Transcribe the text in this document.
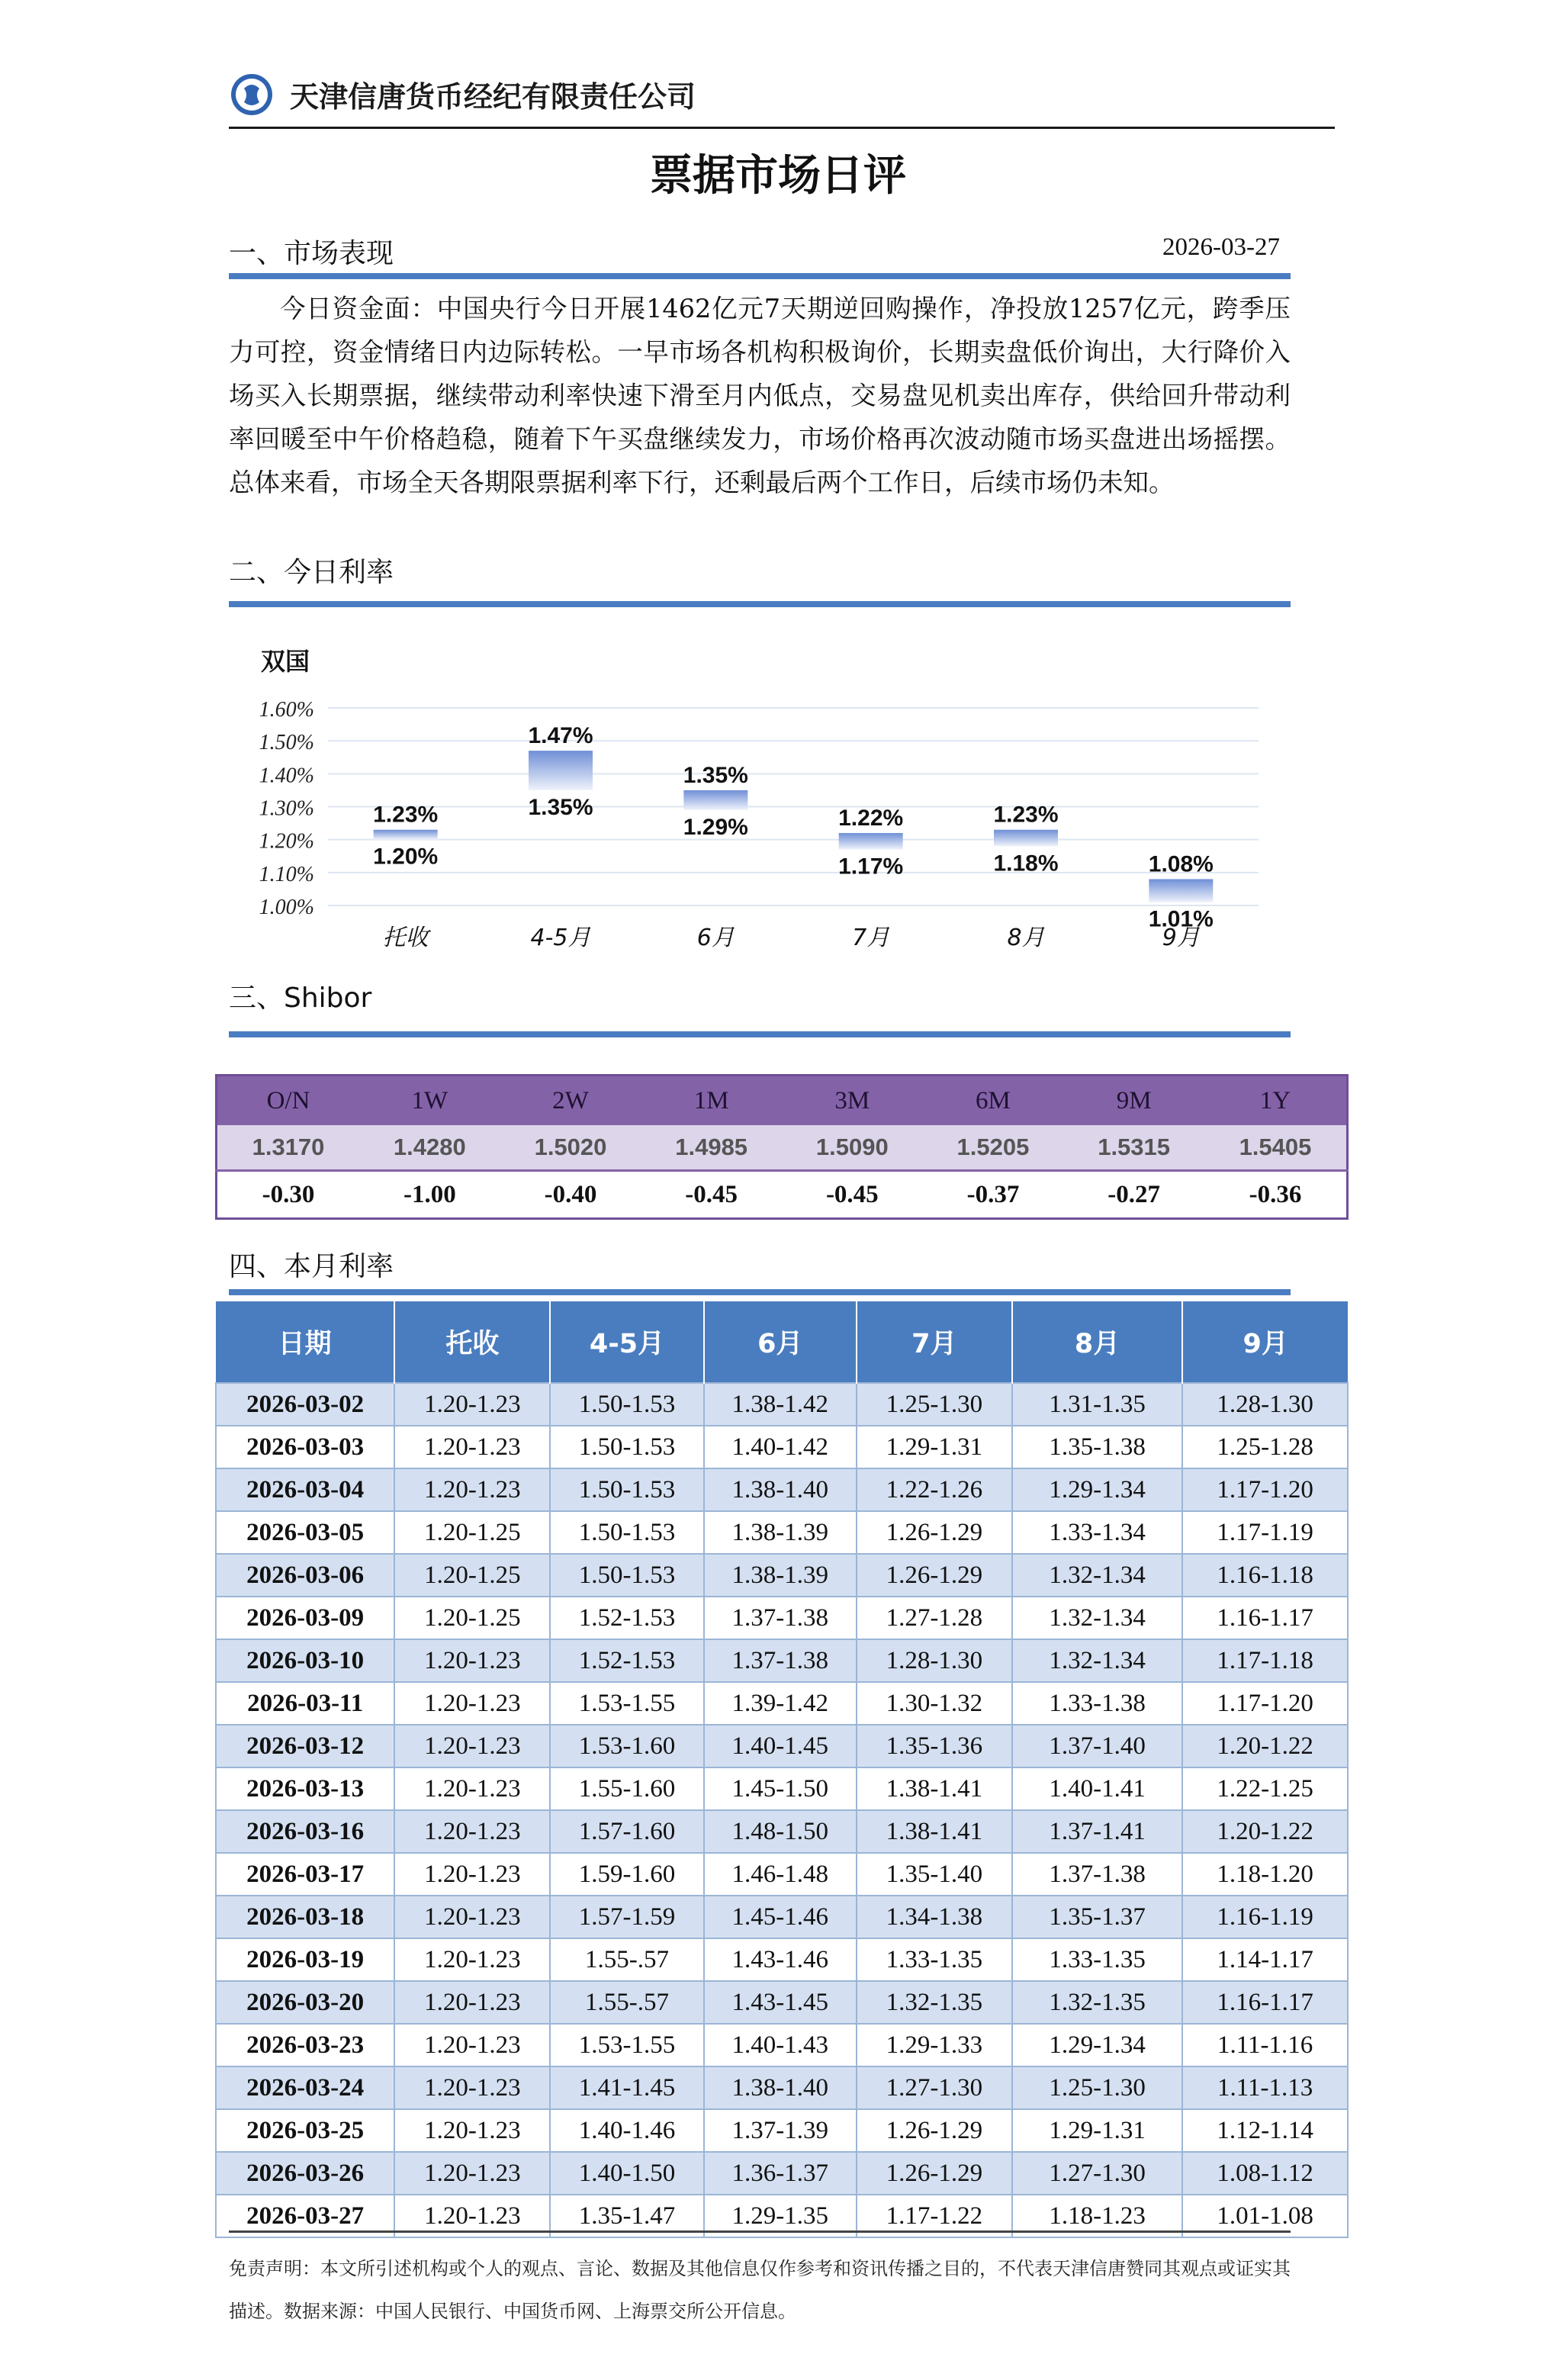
天津信唐货币经纪有限责任公司
票据市场日评
一、市场表现	2026-03-27
今日资金面：中国央行今日开展1462亿元7天期逆回购操作，净投放1257亿元，跨季压力可控，资金情绪日内边际转松。一早市场各机构积极询价，长期卖盘低价询出，大行降价入场买入长期票据，继续带动利率快速下滑至月内低点，交易盘见机卖出库存，供给回升带动利率回暖至中午价格趋稳，随着下午买盘继续发力，市场价格再次波动随市场买盘进出场摇摆。总体来看，市场全天各期限票据利率下行，还剩最后两个工作日，后续市场仍未知。
二、今日利率
双国
1.60%
1.50%
1.40%
1.30%
1.20%
1.10%
1.00%
1.23%
1.20%
托收
1.47%
1.35%
4-5月
1.35%
1.29%
6月
1.22%
1.17%
7月
1.23%
1.18%
8月
1.08%
1.01%
9月
三、Shibor
O/N	1W	2W	1M	3M	6M	9M	1Y
1.3170	1.4280	1.5020	1.4985	1.5090	1.5205	1.5315	1.5405
-0.30	-1.00	-0.40	-0.45	-0.45	-0.37	-0.27	-0.36
四、本月利率
日期	托收	4-5月	6月	7月	8月	9月
2026-03-02	1.20-1.23	1.50-1.53	1.38-1.42	1.25-1.30	1.31-1.35	1.28-1.30
2026-03-03	1.20-1.23	1.50-1.53	1.40-1.42	1.29-1.31	1.35-1.38	1.25-1.28
2026-03-04	1.20-1.23	1.50-1.53	1.38-1.40	1.22-1.26	1.29-1.34	1.17-1.20
2026-03-05	1.20-1.25	1.50-1.53	1.38-1.39	1.26-1.29	1.33-1.34	1.17-1.19
2026-03-06	1.20-1.25	1.50-1.53	1.38-1.39	1.26-1.29	1.32-1.34	1.16-1.18
2026-03-09	1.20-1.25	1.52-1.53	1.37-1.38	1.27-1.28	1.32-1.34	1.16-1.17
2026-03-10	1.20-1.23	1.52-1.53	1.37-1.38	1.28-1.30	1.32-1.34	1.17-1.18
2026-03-11	1.20-1.23	1.53-1.55	1.39-1.42	1.30-1.32	1.33-1.38	1.17-1.20
2026-03-12	1.20-1.23	1.53-1.60	1.40-1.45	1.35-1.36	1.37-1.40	1.20-1.22
2026-03-13	1.20-1.23	1.55-1.60	1.45-1.50	1.38-1.41	1.40-1.41	1.22-1.25
2026-03-16	1.20-1.23	1.57-1.60	1.48-1.50	1.38-1.41	1.37-1.41	1.20-1.22
2026-03-17	1.20-1.23	1.59-1.60	1.46-1.48	1.35-1.40	1.37-1.38	1.18-1.20
2026-03-18	1.20-1.23	1.57-1.59	1.45-1.46	1.34-1.38	1.35-1.37	1.16-1.19
2026-03-19	1.20-1.23	1.55-.57	1.43-1.46	1.33-1.35	1.33-1.35	1.14-1.17
2026-03-20	1.20-1.23	1.55-.57	1.43-1.45	1.32-1.35	1.32-1.35	1.16-1.17
2026-03-23	1.20-1.23	1.53-1.55	1.40-1.43	1.29-1.33	1.29-1.34	1.11-1.16
2026-03-24	1.20-1.23	1.41-1.45	1.38-1.40	1.27-1.30	1.25-1.30	1.11-1.13
2026-03-25	1.20-1.23	1.40-1.46	1.37-1.39	1.26-1.29	1.29-1.31	1.12-1.14
2026-03-26	1.20-1.23	1.40-1.50	1.36-1.37	1.26-1.29	1.27-1.30	1.08-1.12
2026-03-27	1.20-1.23	1.35-1.47	1.29-1.35	1.17-1.22	1.18-1.23	1.01-1.08
免责声明：本文所引述机构或个人的观点、言论、数据及其他信息仅作参考和资讯传播之目的，不代表天津信唐赞同其观点或证实其描述。数据来源：中国人民银行、中国货币网、上海票交所公开信息。
